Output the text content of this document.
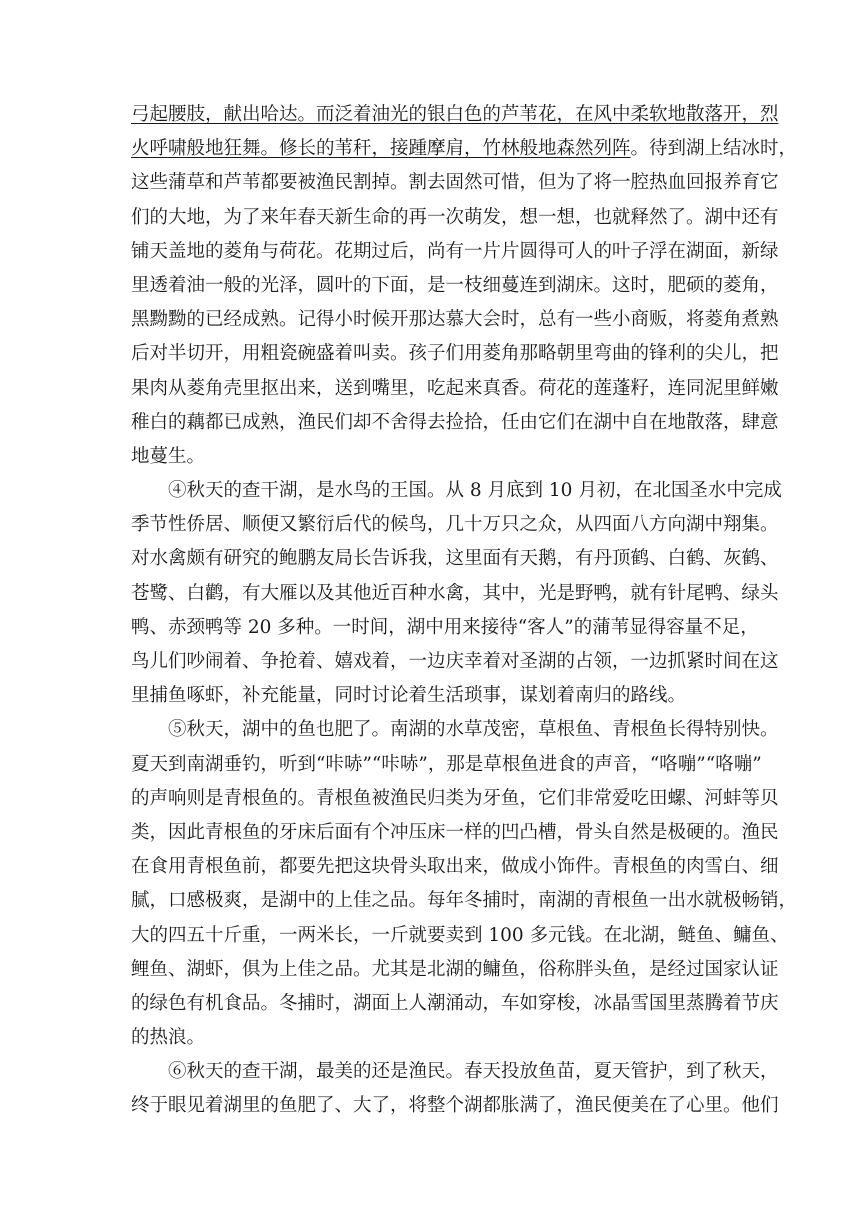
弓起腰肢，献出哈达。而泛着油光的银白色的芦苇花，在风中柔软地散落开，烈
火呼啸般地狂舞。修长的苇秆，接踵摩肩，竹林般地森然列阵。待到湖上结冰时，
这些蒲草和芦苇都要被渔民割掉。割去固然可惜，但为了将一腔热血回报养育它
们的大地，为了来年春天新生命的再一次萌发，想一想，也就释然了。湖中还有
铺天盖地的菱角与荷花。花期过后，尚有一片片圆得可人的叶子浮在湖面，新绿
里透着油一般的光泽，圆叶的下面，是一枝细蔓连到湖床。这时，肥硕的菱角，
黑黝黝的已经成熟。记得小时候开那达慕大会时，总有一些小商贩，将菱角煮熟
后对半切开，用粗瓷碗盛着叫卖。孩子们用菱角那略朝里弯曲的锋利的尖儿，把
果肉从菱角壳里抠出来，送到嘴里，吃起来真香。荷花的莲蓬籽，连同泥里鲜嫩
稚白的藕都已成熟，渔民们却不舍得去捡拾，任由它们在湖中自在地散落，肆意
地蔓生。
④秋天的查干湖，是水鸟的王国。从 8 月底到 10 月初，在北国圣水中完成
季节性侨居、顺便又繁衍后代的候鸟，几十万只之众，从四面八方向湖中翔集。
对水禽颇有研究的鲍鹏友局长告诉我，这里面有天鹅，有丹顶鹤、白鹤、灰鹤、
苍鹭、白鹳，有大雁以及其他近百种水禽，其中，光是野鸭，就有针尾鸭、绿头
鸭、赤颈鸭等 20 多种。一时间，湖中用来接待“客人”的蒲苇显得容量不足，
鸟儿们吵闹着、争抢着、嬉戏着，一边庆幸着对圣湖的占领，一边抓紧时间在这
里捕鱼啄虾，补充能量，同时讨论着生活琐事，谋划着南归的路线。
⑤秋天，湖中的鱼也肥了。南湖的水草茂密，草根鱼、青根鱼长得特别快。
夏天到南湖垂钓，听到“咔哧”“咔哧”，那是草根鱼进食的声音，“咯嘣”“咯嘣”
的声响则是青根鱼的。青根鱼被渔民归类为牙鱼，它们非常爱吃田螺、河蚌等贝
类，因此青根鱼的牙床后面有个冲压床一样的凹凸槽，骨头自然是极硬的。渔民
在食用青根鱼前，都要先把这块骨头取出来，做成小饰件。青根鱼的肉雪白、细
腻，口感极爽，是湖中的上佳之品。每年冬捕时，南湖的青根鱼一出水就极畅销，
大的四五十斤重，一两米长，一斤就要卖到 100 多元钱。在北湖，鲢鱼、鳙鱼、
鲤鱼、湖虾，俱为上佳之品。尤其是北湖的鳙鱼，俗称胖头鱼，是经过国家认证
的绿色有机食品。冬捕时，湖面上人潮涌动，车如穿梭，冰晶雪国里蒸腾着节庆
的热浪。
⑥秋天的查干湖，最美的还是渔民。春天投放鱼苗，夏天管护，到了秋天，
终于眼见着湖里的鱼肥了、大了，将整个湖都胀满了，渔民便美在了心里。他们
